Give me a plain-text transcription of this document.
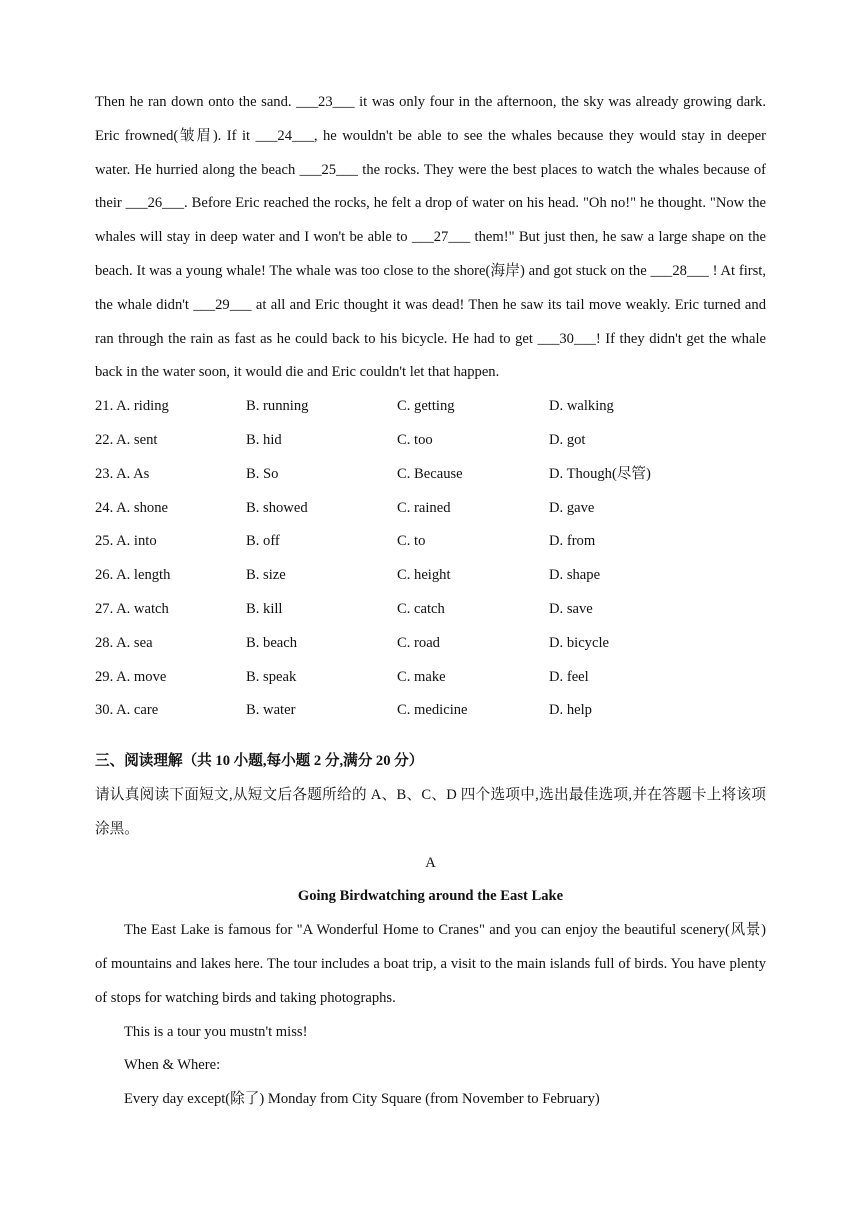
Then he ran down onto the sand. ___23___ it was only four in the afternoon, the sky was already growing dark. Eric frowned(皱眉). If it ___24___, he wouldn't be able to see the whales because they would stay in deeper water. He hurried along the beach ___25___ the rocks. They were the best places to watch the whales because of their ___26___. Before Eric reached the rocks, he felt a drop of water on his head. "Oh no!" he thought. "Now the whales will stay in deep water and I won't be able to ___27___ them!" But just then, he saw a large shape on the beach. It was a young whale! The whale was too close to the shore(海岸) and got stuck on the ___28___ ! At first, the whale didn't ___29___ at all and Eric thought it was dead! Then he saw its tail move weakly. Eric turned and ran through the rain as fast as he could back to his bicycle. He had to get ___30___! If they didn't get the whale back in the water soon, it would die and Eric couldn't let that happen.

21. A. riding	B. running	C. getting	D. walking
22. A. sent	B. hid	C. too	D. got
23. A. As	B. So	C. Because	D. Though(尽管)
24. A. shone	B. showed	C. rained	D. gave
25. A. into	B. off	C. to	D. from
26. A. length	B. size	C. height	D. shape
27. A. watch	B. kill	C. catch	D. save
28. A. sea	B. beach	C. road	D. bicycle
29. A. move	B. speak	C. make	D. feel
30. A. care	B. water	C. medicine	D. help
三、阅读理解（共 10 小题,每小题 2 分,满分 20 分）

请认真阅读下面短文,从短文后各题所给的 A、B、C、D 四个选项中,选出最佳选项,并在答题卡上将该项涂黑。

A
Going Birdwatching around the East Lake

The East Lake is famous for "A Wonderful Home to Cranes" and you can enjoy the beautiful scenery(风景) of mountains and lakes here. The tour includes a boat trip, a visit to the main islands full of birds. You have plenty of stops for watching birds and taking photographs.

This is a tour you mustn't miss!

When & Where:

Every day except(除了) Monday from City Square (from November to February)
